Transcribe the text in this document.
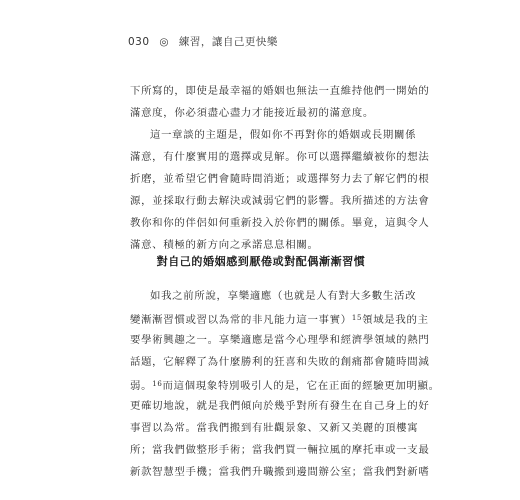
030 ◎ 練習，讓自己更快樂
下所寫的，即使是最幸福的婚姻也無法一直維持他們一開始的
滿意度，你必須盡心盡力才能接近最初的滿意度。
這一章談的主題是，假如你不再對你的婚姻或長期關係
滿意，有什麼實用的選擇或見解。你可以選擇繼續被你的想法
折磨，並希望它們會隨時間消逝；或選擇努力去了解它們的根
源，並採取行動去解決或減弱它們的影響。我所描述的方法會
教你和你的伴侶如何重新投入於你們的關係。畢竟，這與令人
滿意、積極的新方向之承諾息息相關。
對自己的婚姻感到厭倦或對配偶漸漸習慣
如我之前所說，享樂適應（也就是人有對大多數生活改
變漸漸習慣或習以為常的非凡能力這一事實）$^{15}$領域是我的主
要學術興趣之一。享樂適應是當今心理學和經濟學領域的熱門
話題，它解釋了為什麼勝利的狂喜和失敗的創痛都會隨時間減
弱。$^{16}$而這個現象特別吸引人的是，它在正面的經驗更加明顯。
更確切地說，就是我們傾向於幾乎對所有發生在自己身上的好
事習以為常。當我們搬到有壯觀景象、又新又美麗的頂樓寓
所；當我們做整形手術；當我們買一輛拉風的摩托車或一支最
新款智慧型手機；當我們升職搬到邊間辦公室；當我們對新嗜
